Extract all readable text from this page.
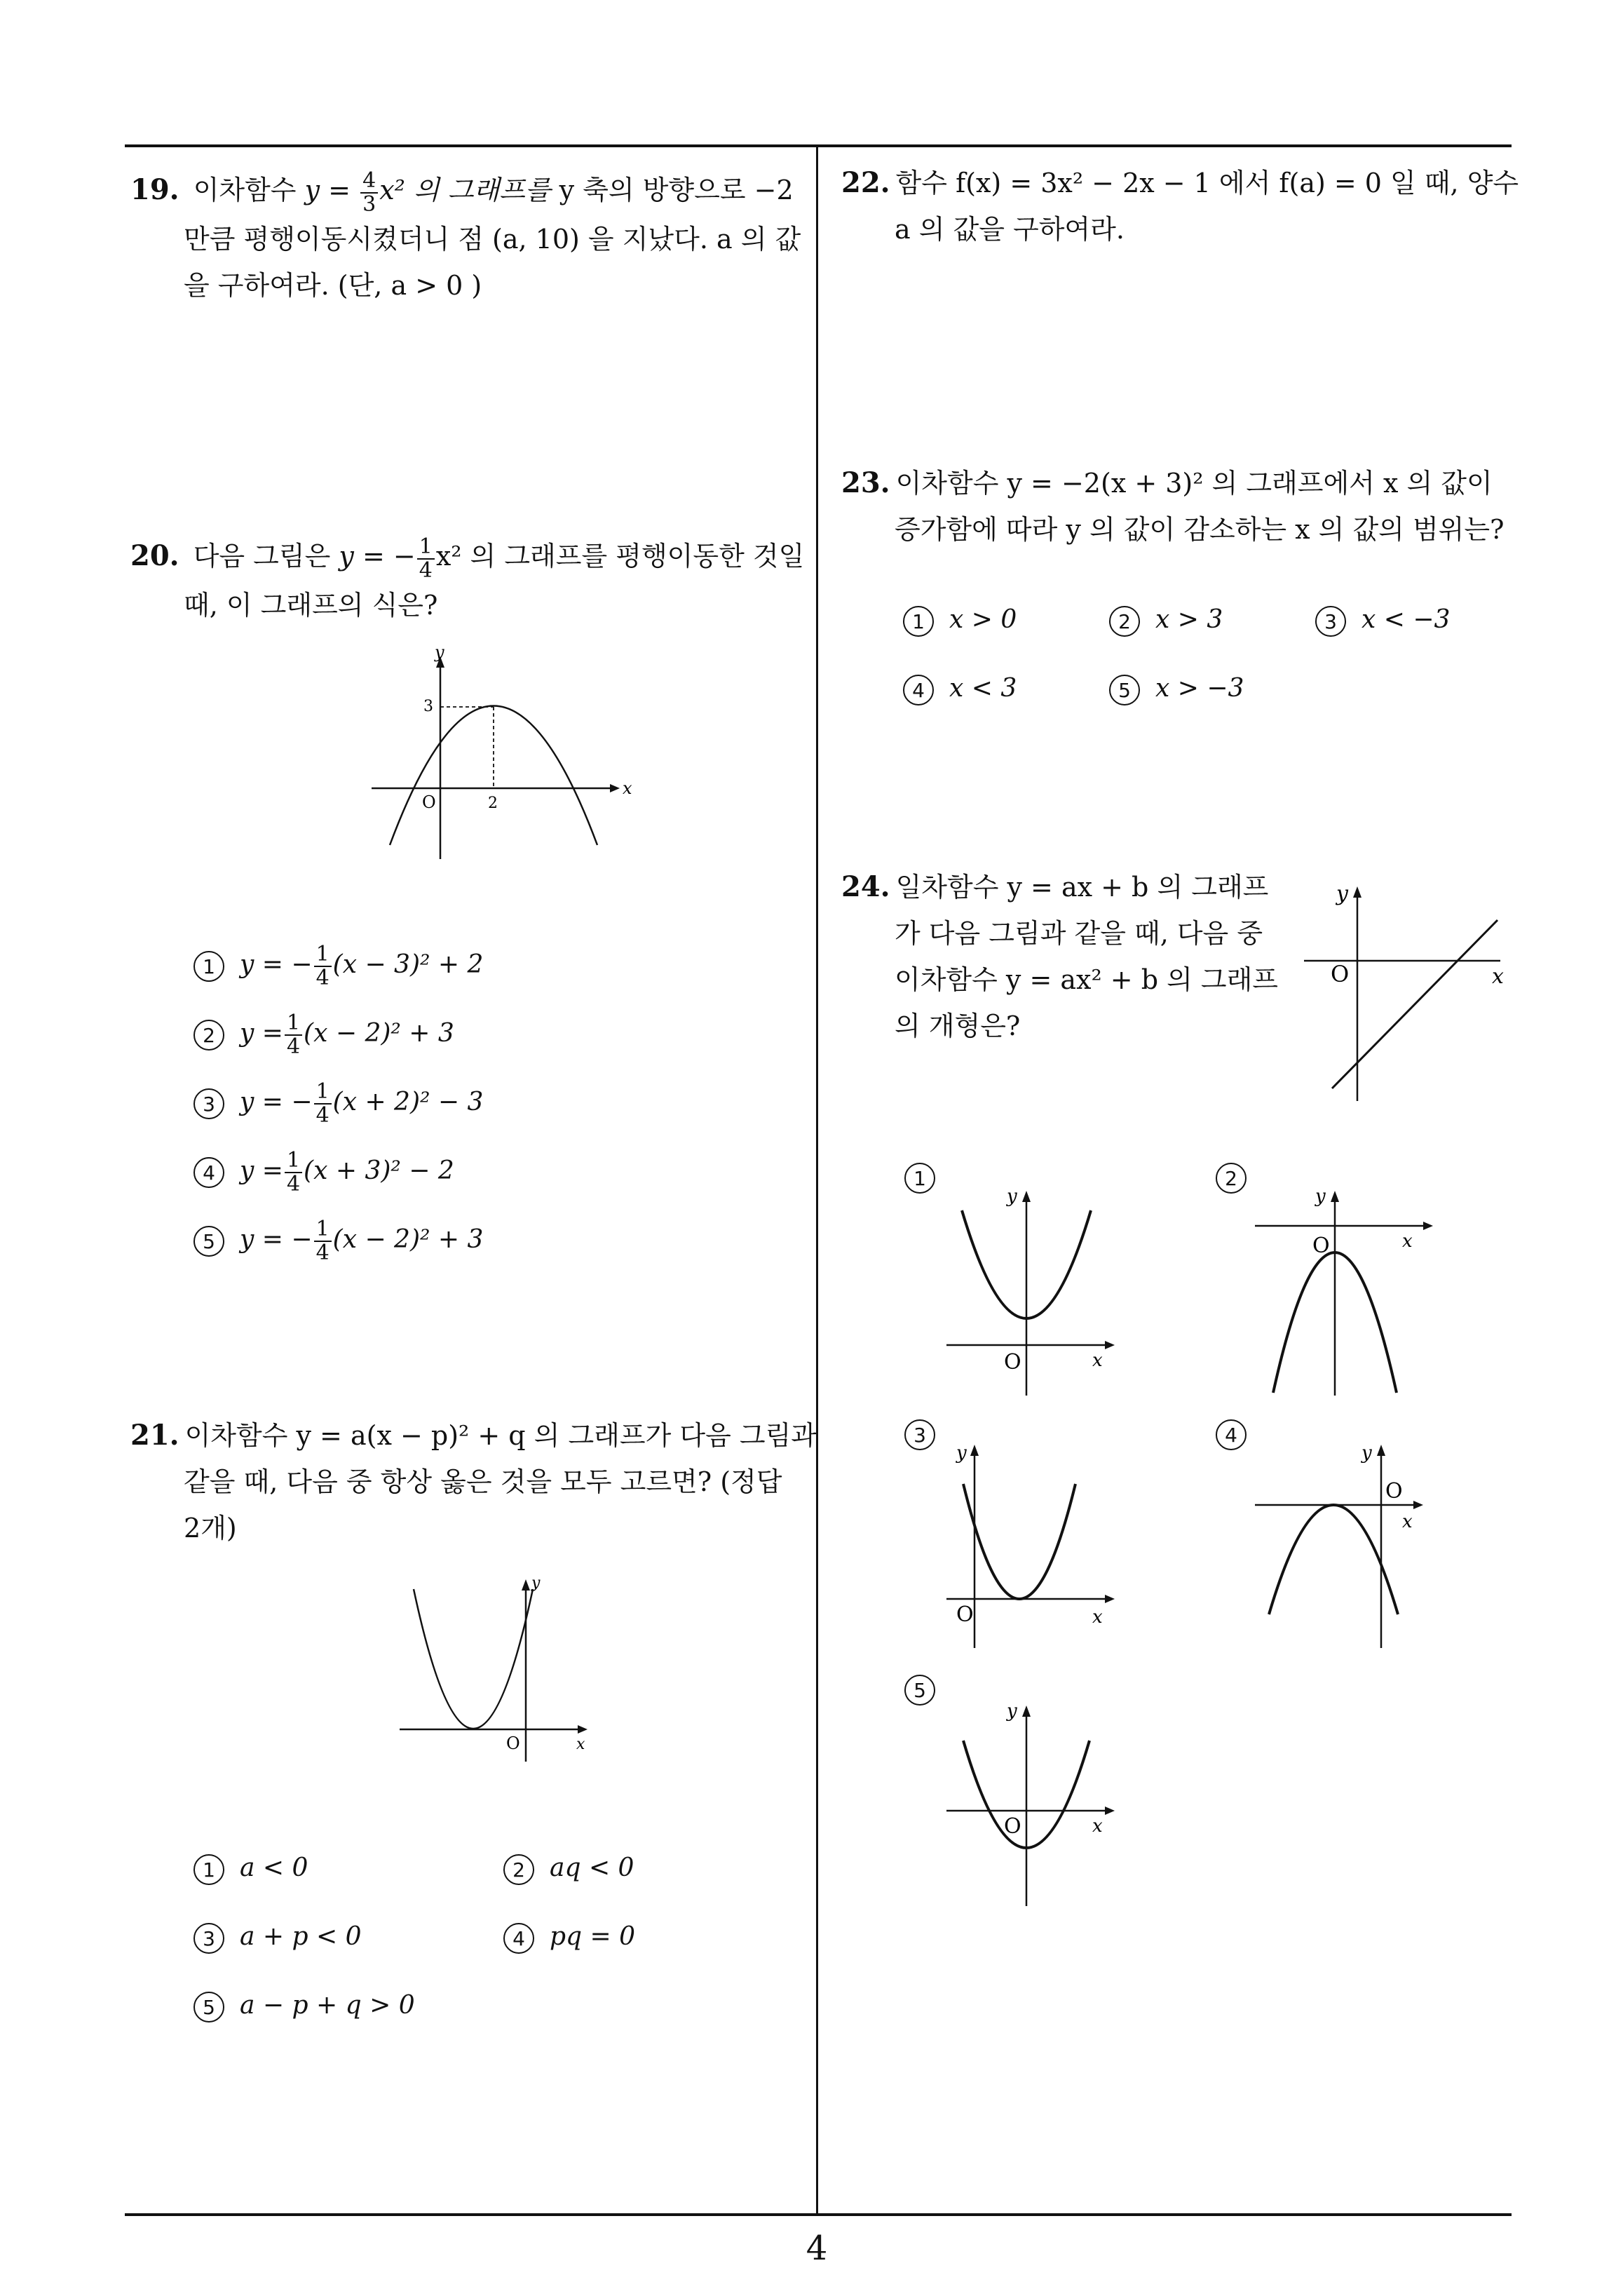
4
19. 이차함수 $y = \frac{4}{3} x^2$ 의 그래프를 y 축의 방향으로 −2
만큼 평행이동시켰더니 점 (a, 10) 을 지났다. a 의 값
을 구하여라. (단, a > 0 )
20. 다음 그림은 y = − $\frac{1}{4} x^2$ 의 그래프를 평행이동한 것일
때, 이 그래프의 식은?
y
x
O	2
3
1 y = − $\frac{1}{4} (x - 3)^2 + 2$
2 $y = \frac{1}{4} (x - 2)^2 + 3$
3 y = − $\frac{1}{4} (x + 2)^2 - 3$
4 $y = \frac{1}{4} (x + 3)^2 - 2$
5 y = − $\frac{1}{4} (x - 2)^2 + 3$
21. 이차함수 y = a(x − p)² + q 의 그래프가 다음 그림과
같을 때, 다음 중 항상 옳은 것을 모두 고르면? (정답
2개)
y
x
O
1 a < 0	2 aq < 0
3 a + p < 0	4 pq = 0
5 a − p + q > 0
22. 함수 f(x) = 3x² − 2x − 1 에서 f(a) = 0 일 때, 양수
a 의 값을 구하여라.
23. 이차함수 y = −2(x + 3)² 의 그래프에서 x 의 값이
증가함에 따라 y 의 값이 감소하는 x 의 값의 범위는?
1 x > 0	2 x > 3	3 x < −3
4 x < 3	5 x > −3
24. 일차함수 y = ax + b 의 그래프
가 다음 그림과 같을 때, 다음 중
이차함수 y = ax² + b 의 그래프
의 개형은?
y
x
O
1
y
x
O
2
y
x
O
3
y
x
O
4
y
x
O
5
y
x
O
